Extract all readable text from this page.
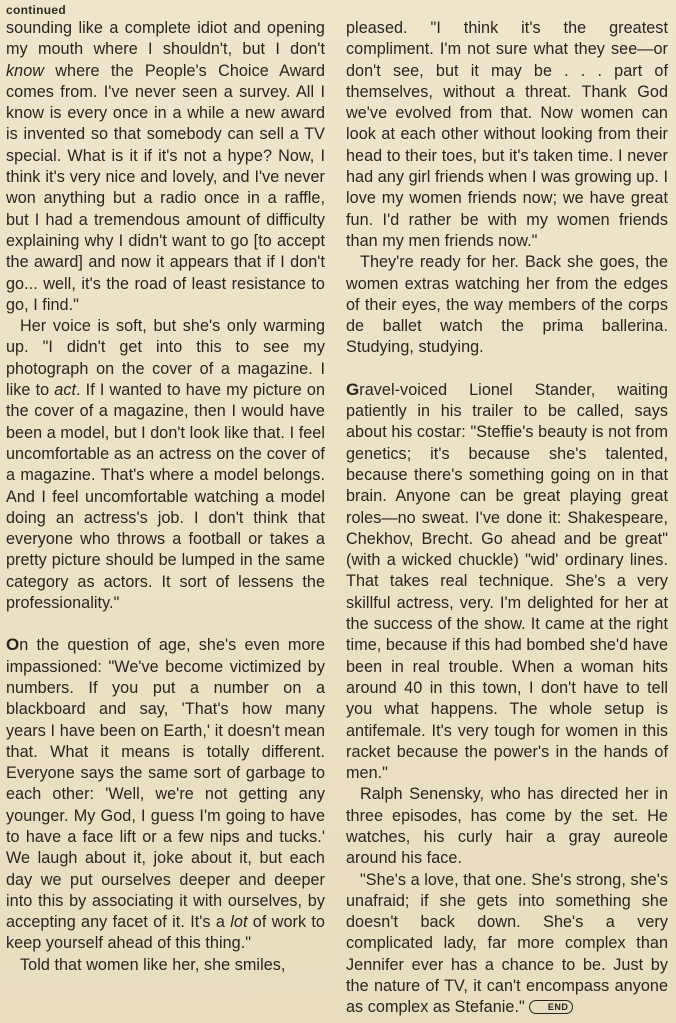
continued

sounding like a complete idiot and opening my mouth where I shouldn't, but I don't know where the People's Choice Award comes from. I've never seen a survey. All I know is every once in a while a new award is invented so that somebody can sell a TV special. What is it if it's not a hype? Now, I think it's very nice and lovely, and I've never won anything but a radio once in a raffle, but I had a tremendous amount of difficulty explaining why I didn't want to go [to accept the award] and now it appears that if I don't go... well, it's the road of least resistance to go, I find."

Her voice is soft, but she's only warming up. "I didn't get into this to see my photograph on the cover of a magazine. I like to act. If I wanted to have my picture on the cover of a magazine, then I would have been a model, but I don't look like that. I feel uncomfortable as an actress on the cover of a magazine. That's where a model belongs. And I feel uncomfortable watching a model doing an actress's job. I don't think that everyone who throws a football or takes a pretty picture should be lumped in the same category as actors. It sort of lessens the professionality."

On the question of age, she's even more impassioned: "We've become victimized by numbers. If you put a number on a blackboard and say, 'That's how many years I have been on Earth,' it doesn't mean that. What it means is totally different. Everyone says the same sort of garbage to each other: 'Well, we're not getting any younger. My God, I guess I'm going to have to have a face lift or a few nips and tucks.' We laugh about it, joke about it, but each day we put ourselves deeper and deeper into this by associating it with ourselves, by accepting any facet of it. It's a lot of work to keep yourself ahead of this thing."

Told that women like her, she smiles,

pleased. "I think it's the greatest compliment. I'm not sure what they see—or don't see, but it may be . . . part of themselves, without a threat. Thank God we've evolved from that. Now women can look at each other without looking from their head to their toes, but it's taken time. I never had any girl friends when I was growing up. I love my women friends now; we have great fun. I'd rather be with my women friends than my men friends now."

They're ready for her. Back she goes, the women extras watching her from the edges of their eyes, the way members of the corps de ballet watch the prima ballerina. Studying, studying.

Gravel-voiced Lionel Stander, waiting patiently in his trailer to be called, says about his costar: "Steffie's beauty is not from genetics; it's because she's talented, because there's something going on in that brain. Anyone can be great playing great roles—no sweat. I've done it: Shakespeare, Chekhov, Brecht. Go ahead and be great" (with a wicked chuckle) "wid' ordinary lines. That takes real technique. She's a very skillful actress, very. I'm delighted for her at the success of the show. It came at the right time, because if this had bombed she'd have been in real trouble. When a woman hits around 40 in this town, I don't have to tell you what happens. The whole setup is antifemale. It's very tough for women in this racket because the power's in the hands of men."

Ralph Senensky, who has directed her in three episodes, has come by the set. He watches, his curly hair a gray aureole around his face.

"She's a love, that one. She's strong, she's unafraid; if she gets into something she doesn't back down. She's a very complicated lady, far more complex than Jennifer ever has a chance to be. Just by the nature of TV, it can't encompass anyone as complex as Stefanie."	END
